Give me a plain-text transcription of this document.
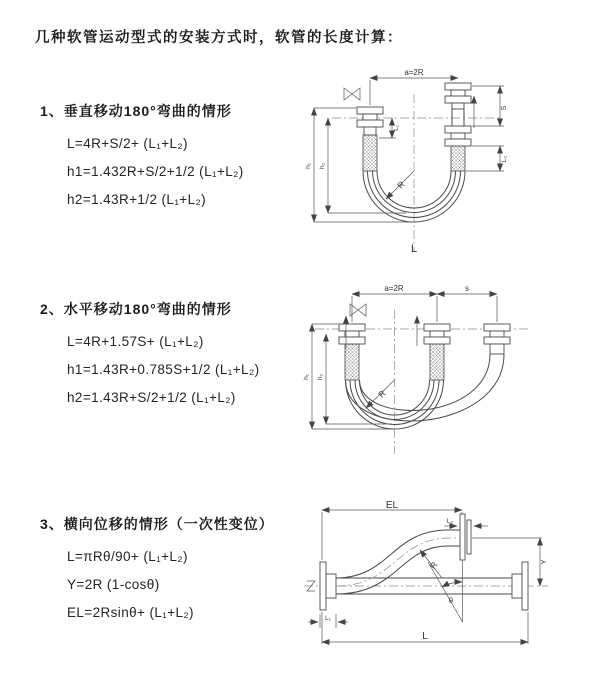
几种软管运动型式的安装方式时，软管的长度计算：
1、垂直移动180°弯曲的情形
L=4R+S/2+ (L₁+L₂)
h1=1.432R+S/2+1/2 (L₁+L₂)
h2=1.43R+1/2 (L₁+L₂)
2、水平移动180°弯曲的情形
L=4R+1.57S+ (L₁+L₂)
h1=1.43R+0.785S+1/2 (L₁+L₂)
h2=1.43R+S/2+1/2 (L₁+L₂)
3、横向位移的情形（一次性变位）
L=πRθ/90+ (L₁+L₂)
Y=2R (1-cosθ)
EL=2Rsinθ+ (L₁+L₂)
a=2R
S
L₂
L₁
h₁ h₂
R
L
a=2R	s
h₁ h₂
R
θ
R
EL
L₂
Y
L₁
L
